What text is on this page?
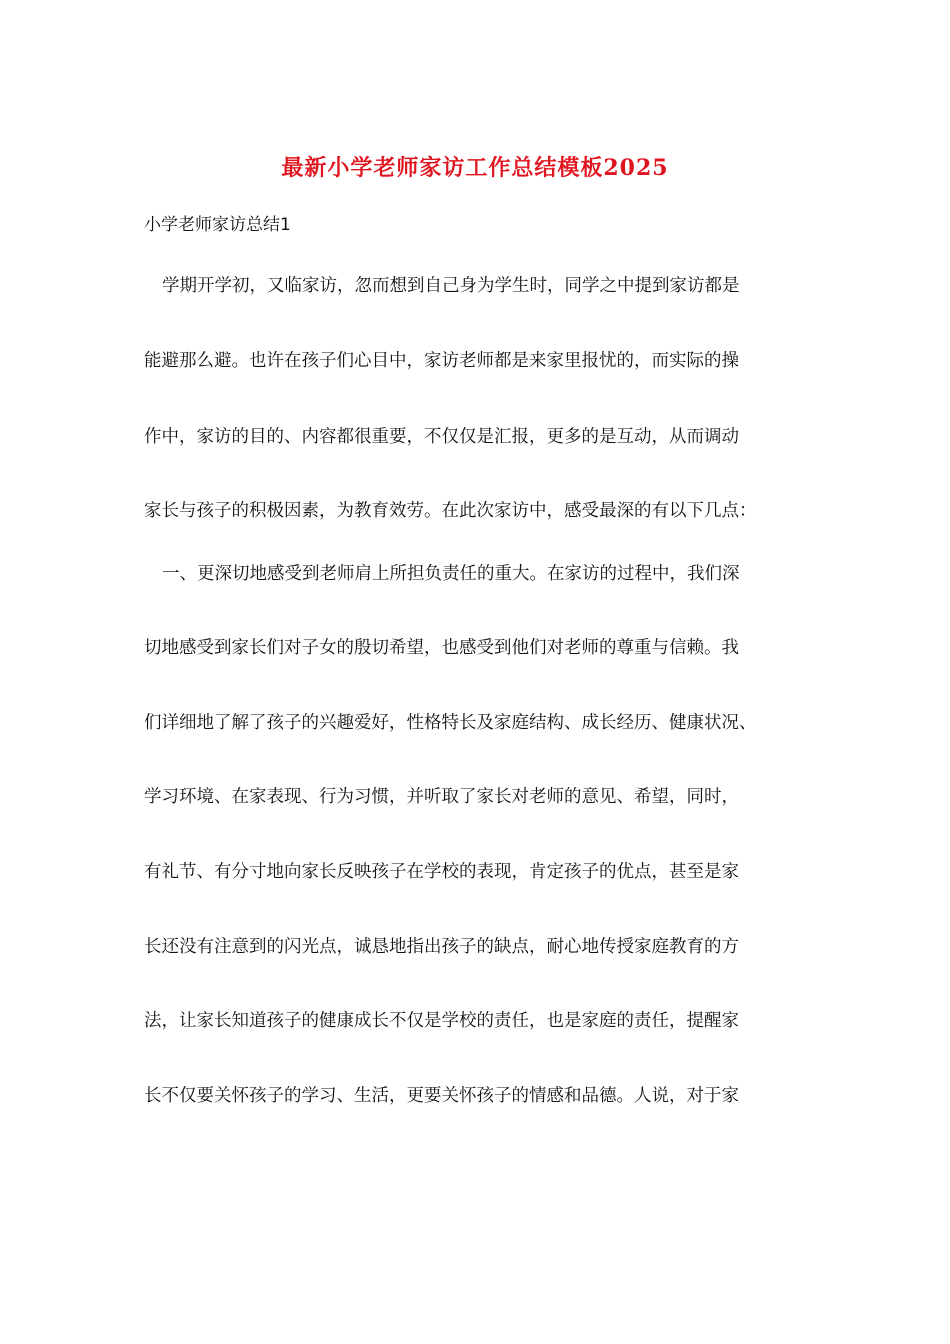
最新小学老师家访工作总结模板2025
小学老师家访总结1
学期开学初，又临家访，忽而想到自己身为学生时，同学之中提到家访都是
能避那么避。也许在孩子们心目中，家访老师都是来家里报忧的，而实际的操
作中，家访的目的、内容都很重要，不仅仅是汇报，更多的是互动，从而调动
家长与孩子的积极因素，为教育效劳。在此次家访中，感受最深的有以下几点：
一、更深切地感受到老师肩上所担负责任的重大。在家访的过程中，我们深
切地感受到家长们对子女的殷切希望，也感受到他们对老师的尊重与信赖。我
们详细地了解了孩子的兴趣爱好，性格特长及家庭结构、成长经历、健康状况、
学习环境、在家表现、行为习惯，并听取了家长对老师的意见、希望，同时，
有礼节、有分寸地向家长反映孩子在学校的表现，肯定孩子的优点，甚至是家
长还没有注意到的闪光点，诚恳地指出孩子的缺点，耐心地传授家庭教育的方
法，让家长知道孩子的健康成长不仅是学校的责任，也是家庭的责任，提醒家
长不仅要关怀孩子的学习、生活，更要关怀孩子的情感和品德。人说，对于家
